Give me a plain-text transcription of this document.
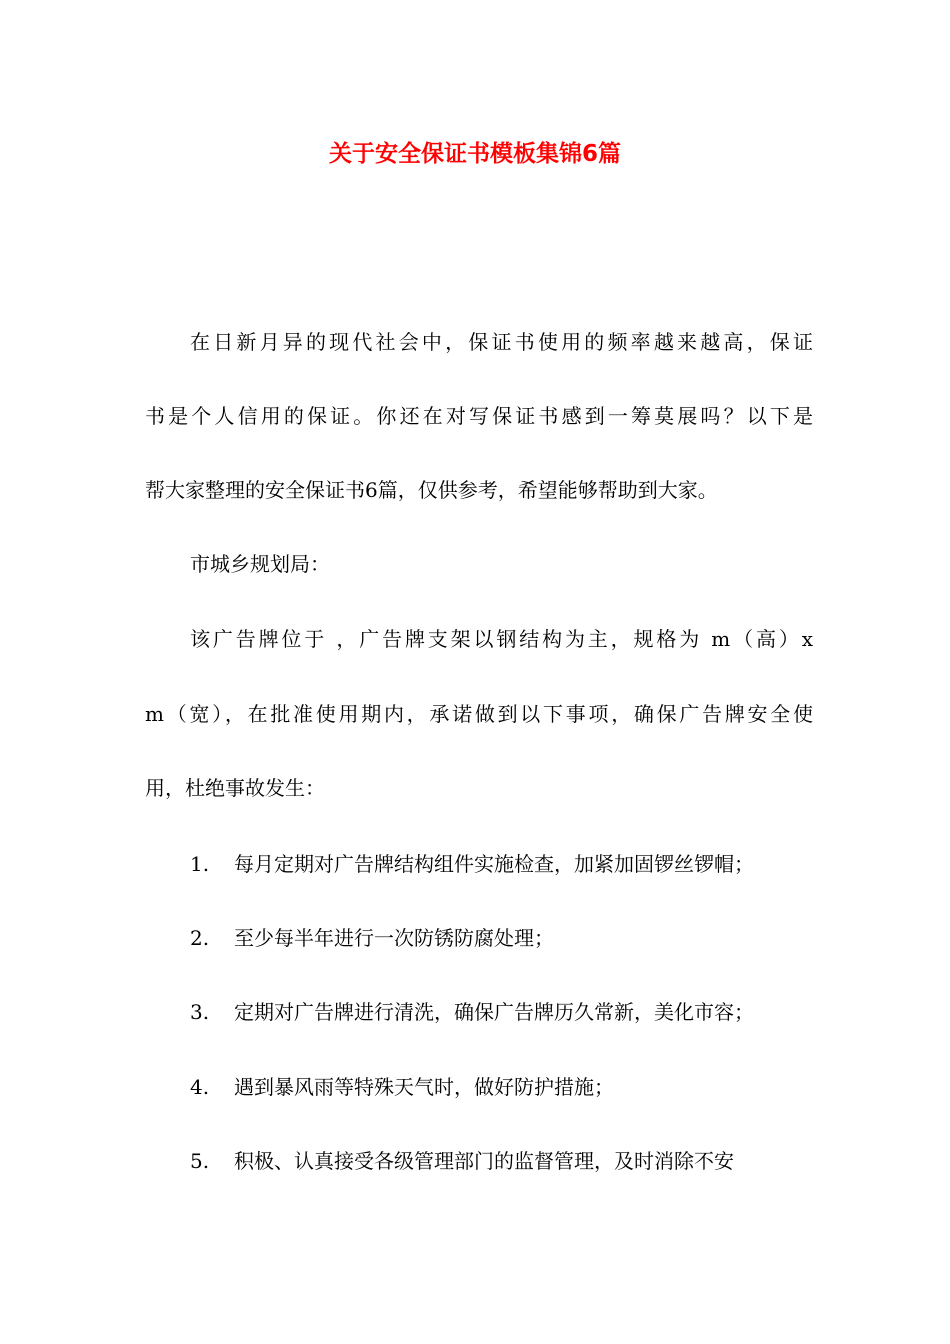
关于安全保证书模板集锦6篇
在日新月异的现代社会中，保证书使用的频率越来越高，保证
书是个人信用的保证。你还在对写保证书感到一筹莫展吗？以下是
帮大家整理的安全保证书6篇，仅供参考，希望能够帮助到大家。
市城乡规划局：
该广告牌位于 ，广告牌支架以钢结构为主，规格为 m（高）x
m（宽），在批准使用期内，承诺做到以下事项，确保广告牌安全使
用，杜绝事故发生：
1. 每月定期对广告牌结构组件实施检查，加紧加固锣丝锣帽；
2. 至少每半年进行一次防锈防腐处理；
3. 定期对广告牌进行清洗，确保广告牌历久常新，美化市容；
4. 遇到暴风雨等特殊天气时，做好防护措施；
5. 积极、认真接受各级管理部门的监督管理，及时消除不安
